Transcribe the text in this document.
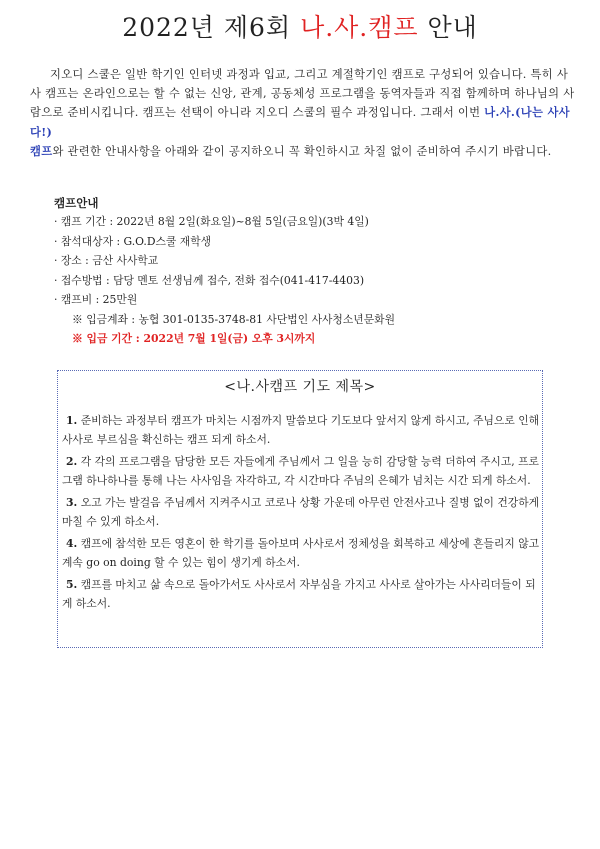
2022년 제6회 나.사.캠프 안내
지오디 스쿨은 일반 학기인 인터넷 과정과 입교, 그리고 계절학기인 캠프로 구성되어 있습니다. 특히 사사 캠프는 온라인으로는 할 수 없는 신앙, 관계, 공동체성 프로그램을 동역자들과 직접 함께하며 하나님의 사람으로 준비시킵니다. 캠프는 선택이 아니라 지오디 스쿨의 필수 과정입니다. 그래서 이번 나.사.(나는 사사다!)
캠프와 관련한 안내사항을 아래와 같이 공지하오니 꼭 확인하시고 차질 없이 준비하여 주시기 바랍니다.
캠프안내
· 캠프 기간 : 2022년 8월 2일(화요일)~8월 5일(금요일)(3박 4일)
· 참석대상자 : G.O.D스쿨 재학생
· 장소 : 금산 사사학교
· 접수방법 : 담당 멘토 선생님께 접수, 전화 접수(041-417-4403)
· 캠프비 : 25만원
※ 입금계좌 : 농협 301-0135-3748-81 사단법인 사사청소년문화원
※ 입금 기간 : 2022년 7월 1일(금) 오후 3시까지
<나.사캠프 기도 제목>

1. 준비하는 과정부터 캠프가 마치는 시점까지 말씀보다 기도보다 앞서지 않게 하시고, 주님으로 인해 사사로 부르심을 확신하는 캠프 되게 하소서.

2. 각 각의 프로그램을 담당한 모든 자들에게 주님께서 그 일을 능히 감당할 능력 더하여 주시고, 프로그램 하나하나를 통해 나는 사사임을 자각하고, 각 시간마다 주님의 은혜가 넘치는 시간 되게 하소서.

3. 오고 가는 발걸음 주님께서 지켜주시고 코로나 상황 가운데 아무런 안전사고나 질병 없이 건강하게 마칠 수 있게 하소서.

4. 캠프에 참석한 모든 영혼이 한 학기를 돌아보며 사사로서 정체성을 회복하고 세상에 흔들리지 않고 계속 go on doing 할 수 있는 힘이 생기게 하소서.

5. 캠프를 마치고 삶 속으로 돌아가서도 사사로서 자부심을 가지고 사사로 살아가는 사사리더들이 되게 하소서.
